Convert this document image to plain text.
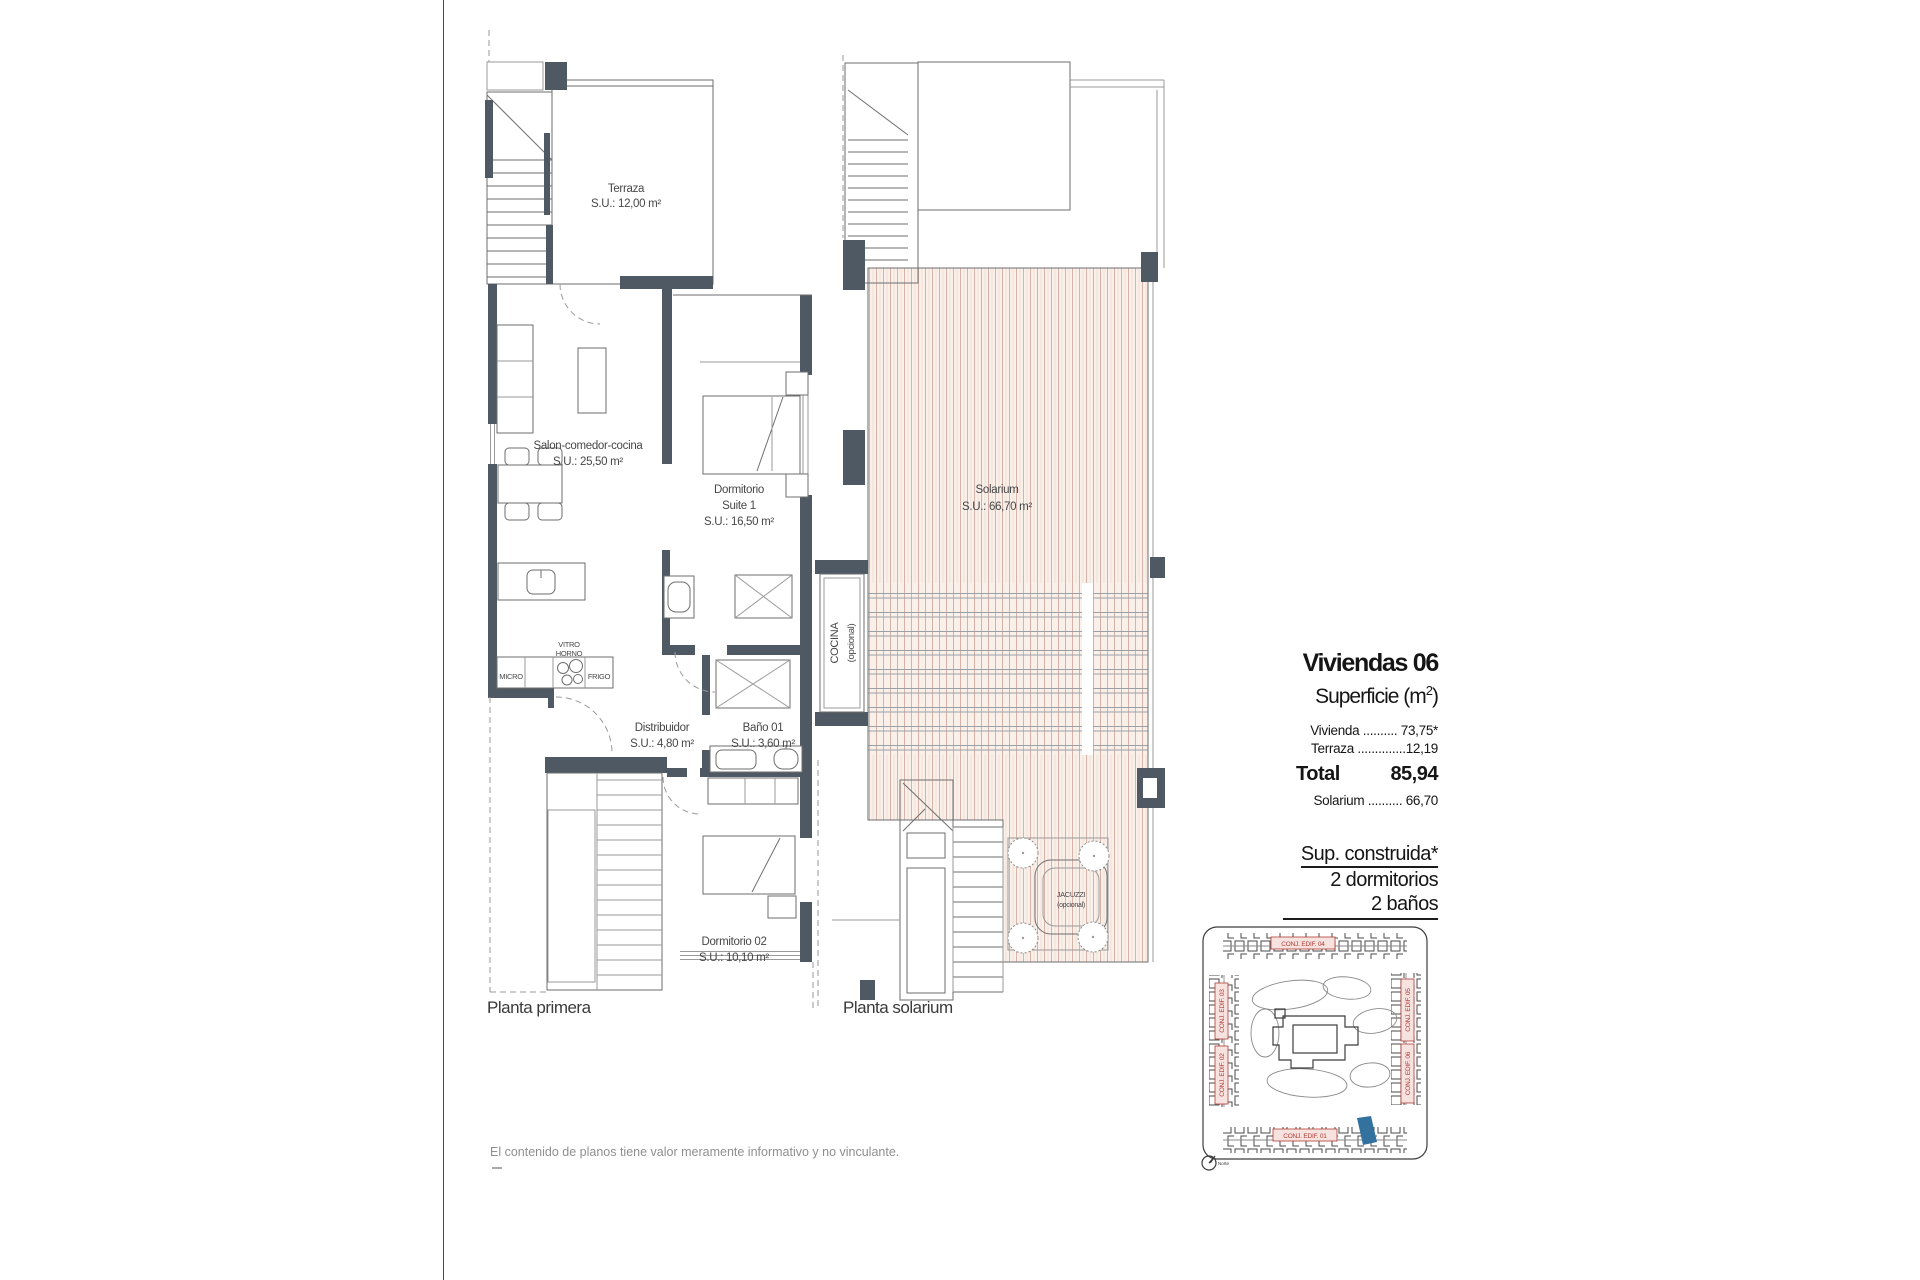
Terraza
S.U.: 12,00 m²
Salon-comedor-cocina
S.U.: 25,50 m²
Dormitorio
Suite 1
S.U.: 16,50 m²
Distribuidor
S.U.: 4,80 m²
Baño 01
S.U.: 3,60 m²
Dormitorio 02
S.U.: 10,10 m²
MICRO
VITRO
HORNO
FRIGO
COCINA (opcional)
JACUZZI
(opcional)
Solarium
S.U.: 66,70 m²
Planta primera	Planta solarium
Viviendas 06
Superficie $(m^2)$
Vivienda .......... 73,75*
Terraza ..............12,19
Total	85,94
Solarium .......... 66,70
Sup. construida*
2 dormitorios
2 baños
CONJ. EDIF. 04
CONJ. EDIF. 01
CONJ. EDIF. 03
CONJ. EDIF. 02
CONJ. EDIF. 05
CONJ. EDIF. 06
Norte
El contenido de planos tiene valor meramente informativo y no vinculante.
